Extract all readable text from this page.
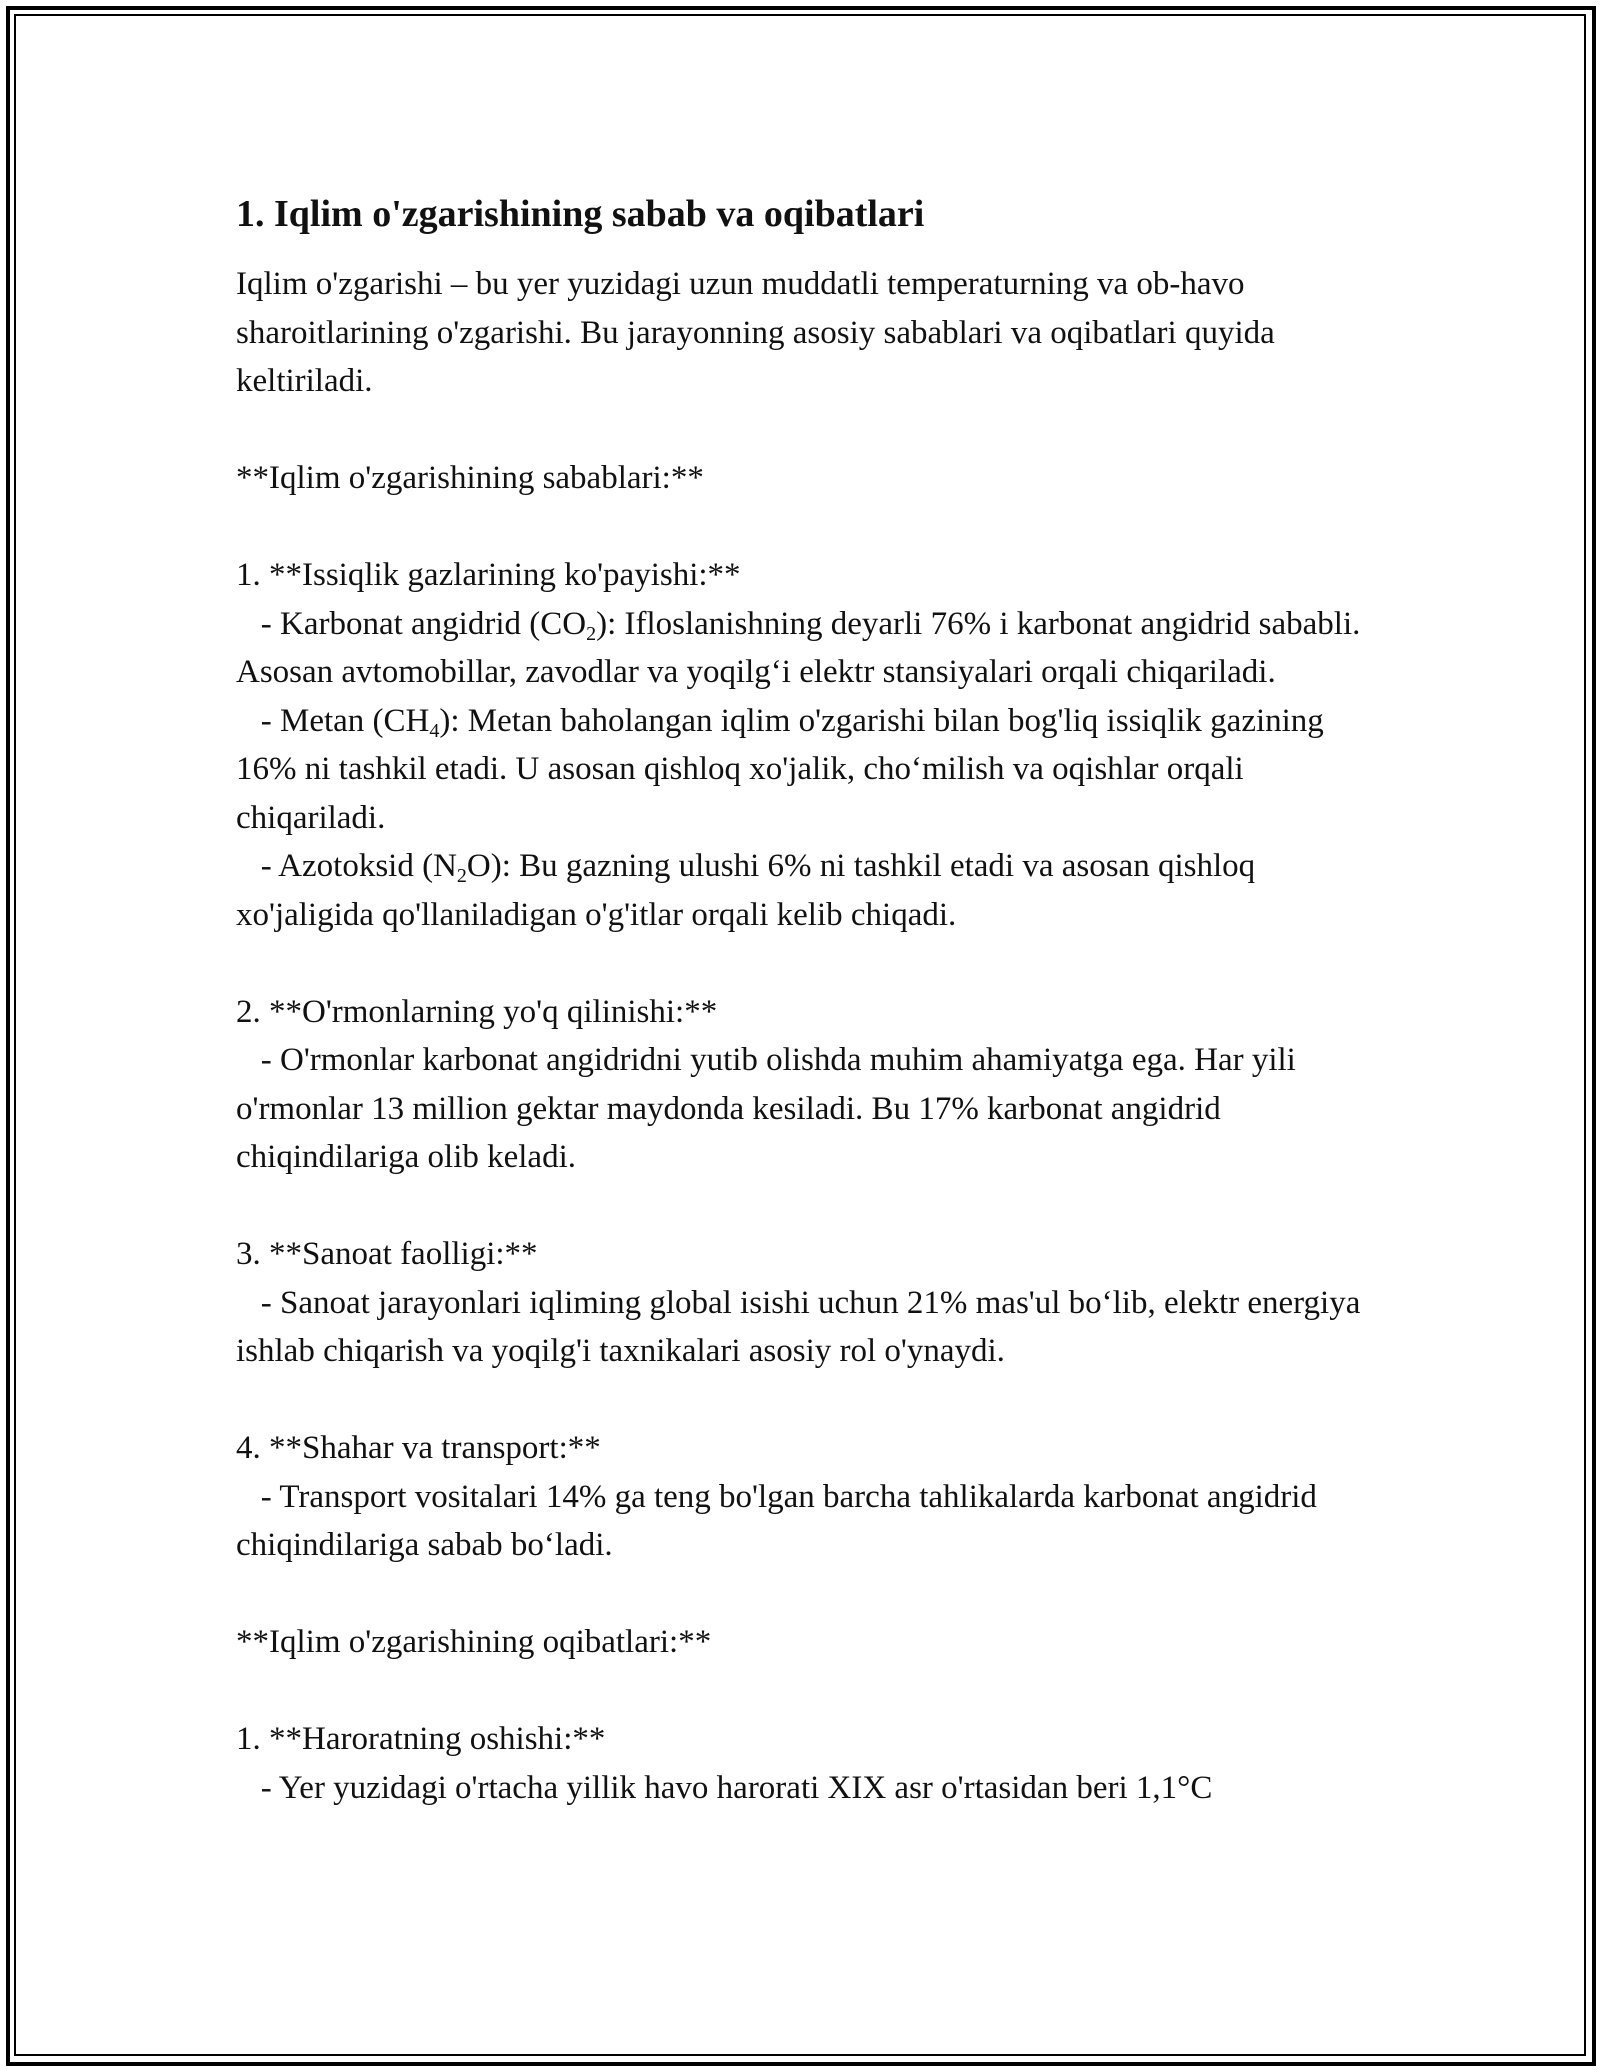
1. Iqlim o'zgarishining sabab va oqibatlari

Iqlim o'zgarishi – bu yer yuzidagi uzun muddatli temperaturning va ob-havo sharoitlarining o'zgarishi. Bu jarayonning asosiy sabablari va oqibatlari quyida keltiriladi.

**Iqlim o'zgarishining sabablari:**

1. **Issiqlik gazlarining ko'payishi:**

- Karbonat angidrid $(CO_2)$: Ifloslanishning deyarli 76% i karbonat angidrid sababli. Asosan avtomobillar, zavodlar va yoqilg‘i elektr stansiyalari orqali chiqariladi.

- Metan $(CH_4)$: Metan baholangan iqlim o'zgarishi bilan bog'liq issiqlik gazining 16% ni tashkil etadi. U asosan qishloq xo'jalik, cho‘milish va oqishlar orqali chiqariladi.

- Azotoksid $(N_2O)$: Bu gazning ulushi 6% ni tashkil etadi va asosan qishloq xo'jaligida qo'llaniladigan o'g'itlar orqali kelib chiqadi.

2. **O'rmonlarning yo'q qilinishi:**

- O'rmonlar karbonat angidridni yutib olishda muhim ahamiyatga ega. Har yili o'rmonlar 13 million gektar maydonda kesiladi. Bu 17% karbonat angidrid chiqindilariga olib keladi.

3. **Sanoat faolligi:**

- Sanoat jarayonlari iqliming global isishi uchun 21% mas'ul bo‘lib, elektr energiya ishlab chiqarish va yoqilg'i taxnikalari asosiy rol o'ynaydi.

4. **Shahar va transport:**

- Transport vositalari 14% ga teng bo'lgan barcha tahlikalarda karbonat angidrid chiqindilariga sabab bo‘ladi.

**Iqlim o'zgarishining oqibatlari:**

1. **Haroratning oshishi:**

- Yer yuzidagi o'rtacha yillik havo harorati XIX asr o'rtasidan beri 1,1°C
